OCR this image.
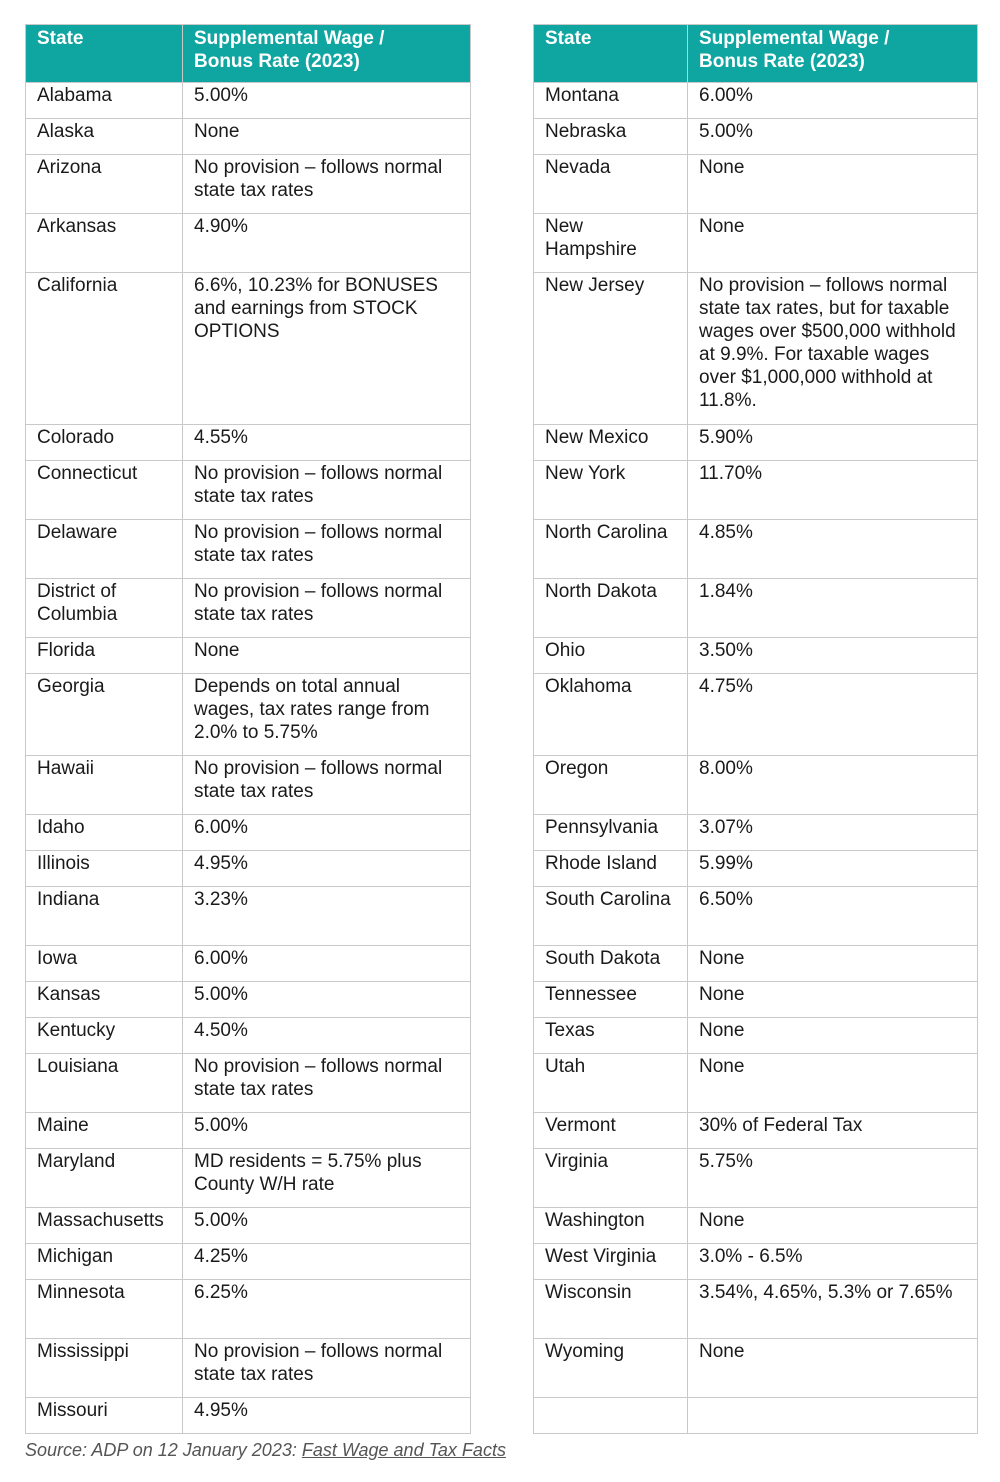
State	Supplemental Wage /
Bonus Rate (2023)
Alabama	5.00%
Alaska	None
Arizona	No provision – follows normal state tax rates
Arkansas	4.90%
California	6.6%, 10.23% for BONUSES and earnings from STOCK OPTIONS
Colorado	4.55%
Connecticut	No provision – follows normal state tax rates
Delaware	No provision – follows normal state tax rates
District of Columbia	No provision – follows normal state tax rates
Florida	None
Georgia	Depends on total annual wages, tax rates range from 2.0% to 5.75%
Hawaii	No provision – follows normal state tax rates
Idaho	6.00%
Illinois	4.95%
Indiana	3.23%
Iowa	6.00%
Kansas	5.00%
Kentucky	4.50%
Louisiana	No provision – follows normal state tax rates
Maine	5.00%
Maryland	MD residents = 5.75% plus County W/H rate
Massachusetts	5.00%
Michigan	4.25%
Minnesota	6.25%
Mississippi	No provision – follows normal state tax rates
Missouri	4.95%
State	Supplemental Wage /
Bonus Rate (2023)
Montana	6.00%
Nebraska	5.00%
Nevada	None
New Hampshire	None
New Jersey	No provision – follows normal state tax rates, but for taxable wages over $500,000 withhold at 9.9%. For taxable wages over $1,000,000 withhold at 11.8%.
New Mexico	5.90%
New York	11.70%
North Carolina	4.85%
North Dakota	1.84%
Ohio	3.50%
Oklahoma	4.75%
Oregon	8.00%
Pennsylvania	3.07%
Rhode Island	5.99%
South Carolina	6.50%
South Dakota	None
Tennessee	None
Texas	None
Utah	None
Vermont	30% of Federal Tax
Virginia	5.75%
Washington	None
West Virginia	3.0% - 6.5%
Wisconsin	3.54%, 4.65%, 5.3% or 7.65%
Wyoming	None

Source: ADP on 12 January 2023: Fast Wage and Tax Facts
